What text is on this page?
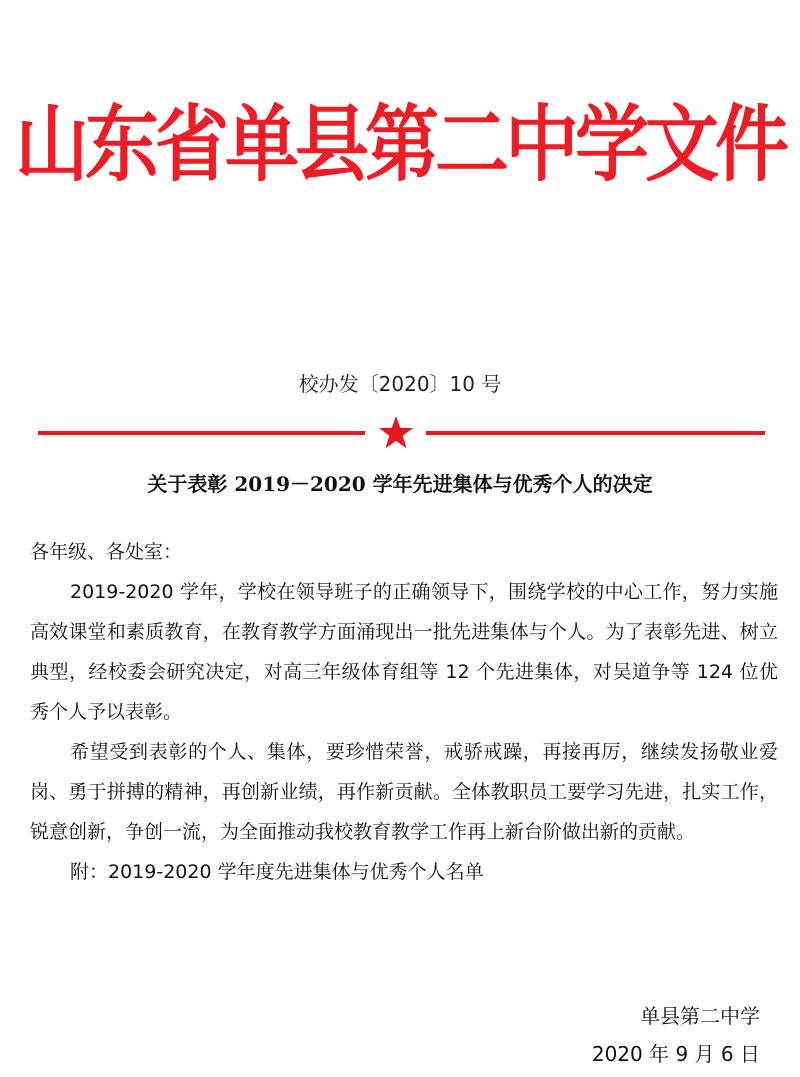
山东省单县第二中学文件
校办发〔2020〕10 号
关于表彰 2019－2020 学年先进集体与优秀个人的决定

各年级、各处室：

2019-2020 学年，学校在领导班子的正确领导下，围绕学校的中心工作，努力实施高效课堂和素质教育，在教育教学方面涌现出一批先进集体与个人。为了表彰先进、树立典型，经校委会研究决定，对高三年级体育组等 12 个先进集体，对吴道争等 124 位优秀个人予以表彰。

希望受到表彰的个人、集体，要珍惜荣誉，戒骄戒躁，再接再厉，继续发扬敬业爱岗、勇于拼搏的精神，再创新业绩，再作新贡献。全体教职员工要学习先进，扎实工作，锐意创新，争创一流，为全面推动我校教育教学工作再上新台阶做出新的贡献。

附：2019-2020 学年度先进集体与优秀个人名单

单县第二中学
2020 年 9 月 6 日
